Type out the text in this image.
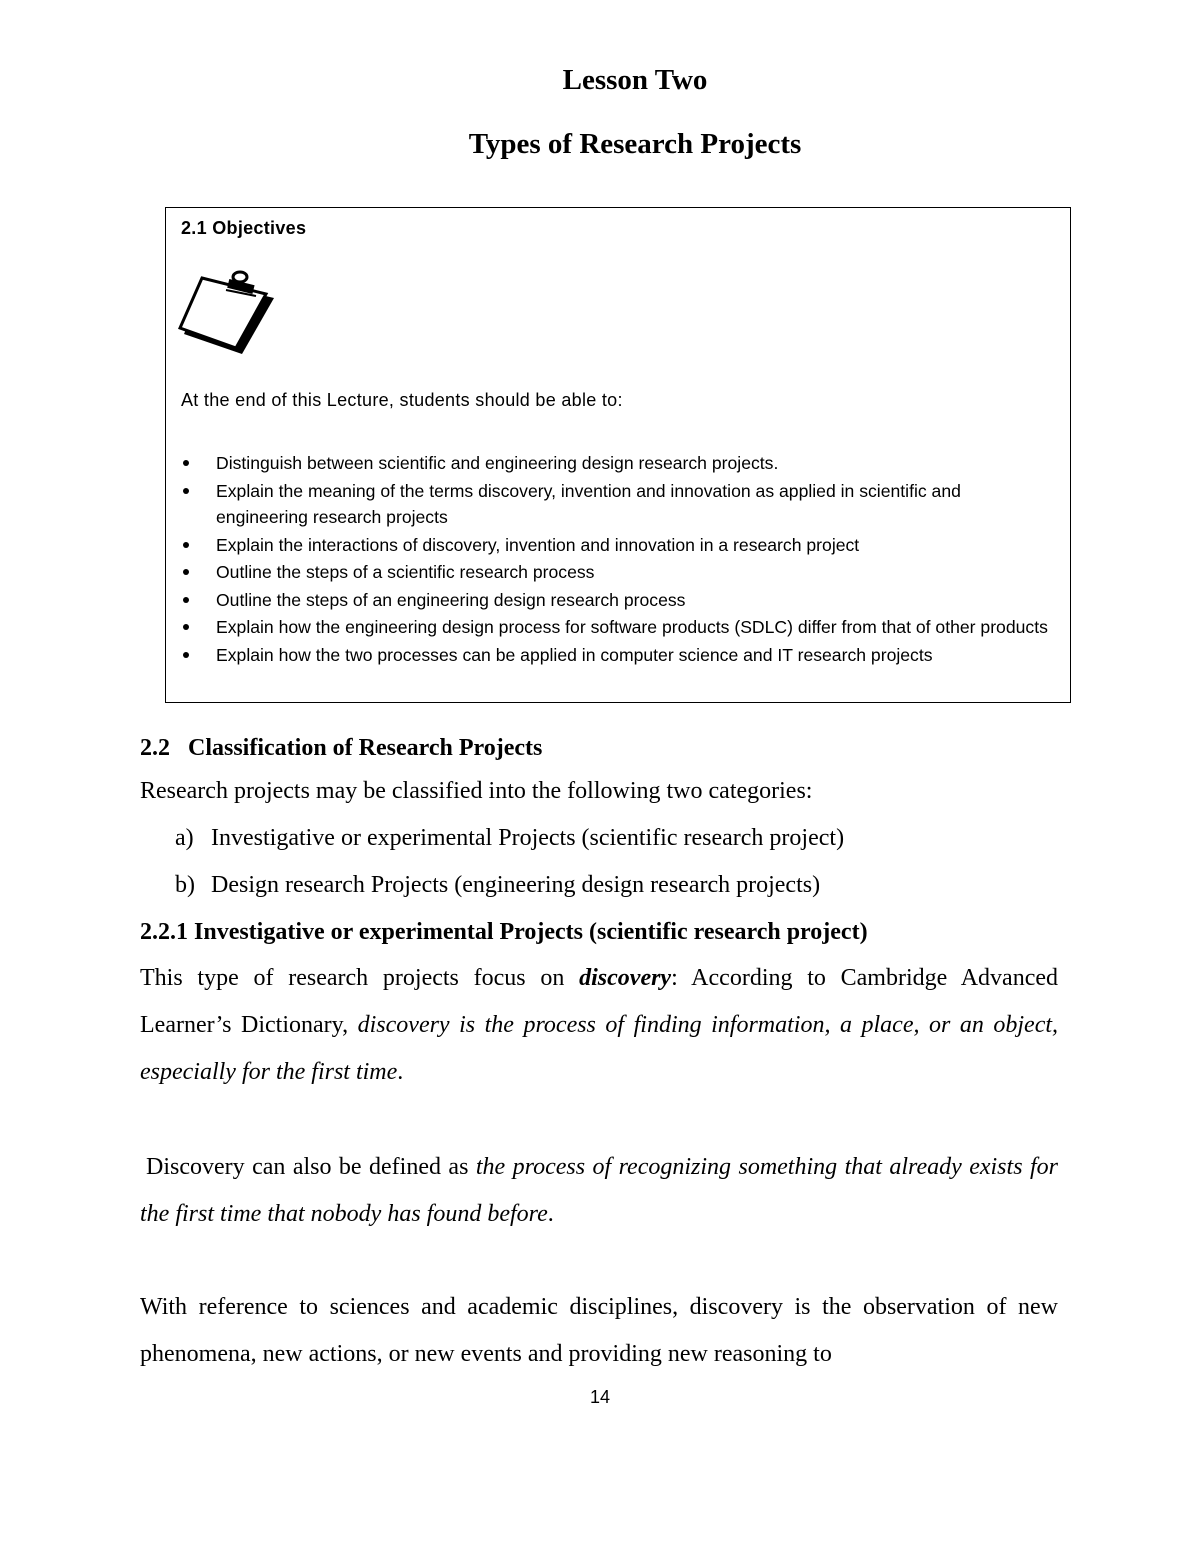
Lesson Two
Types of Research Projects
2.1 Objectives
At the end of this Lecture, students should be able to:
Distinguish between scientific and engineering design research projects.
Explain the meaning of the terms discovery, invention and innovation as applied in scientific and engineering research projects
Explain the interactions of discovery, invention and innovation in a research project
Outline the steps of a scientific research process
Outline the steps of an engineering design research process
Explain how the engineering design process for software products (SDLC) differ from that of other products
Explain how the two processes can be applied in computer science and IT research projects

2.2 Classification of Research Projects

Research projects may be classified into the following two categories:

a) Investigative or experimental Projects (scientific research project)

b) Design research Projects (engineering design research projects)

2.2.1 Investigative or experimental Projects (scientific research project)

This type of research projects focus on discovery: According to Cambridge Advanced Learner’s Dictionary, discovery is the process of finding information, a place, or an object, especially for the first time.

Discovery can also be defined as the process of recognizing something that already exists for the first time that nobody has found before.

With reference to sciences and academic disciplines, discovery is the observation of new phenomena, new actions, or new events and providing new reasoning to

14
